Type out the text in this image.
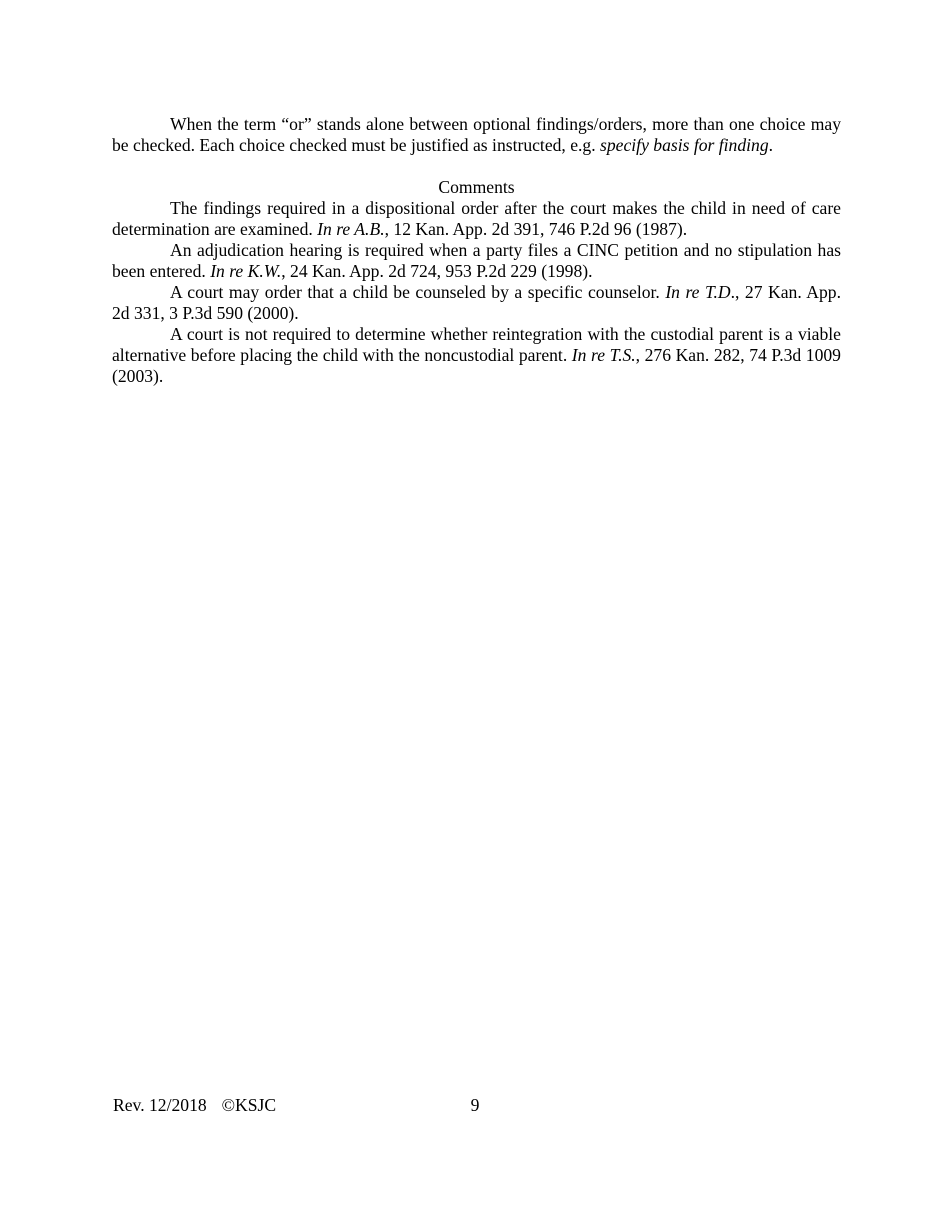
When the term “or” stands alone between optional findings/orders, more than one choice may be checked. Each choice checked must be justified as instructed, e.g. specify basis for finding.

Comments

The findings required in a dispositional order after the court makes the child in need of care determination are examined. In re A.B., 12 Kan. App. 2d 391, 746 P.2d 96 (1987).

An adjudication hearing is required when a party files a CINC petition and no stipulation has been entered. In re K.W., 24 Kan. App. 2d 724, 953 P.2d 229 (1998).

A court may order that a child be counseled by a specific counselor. In re T.D., 27 Kan. App. 2d 331, 3 P.3d 590 (2000).

A court is not required to determine whether reintegration with the custodial parent is a viable alternative before placing the child with the noncustodial parent. In re T.S., 276 Kan. 282, 74 P.3d 1009 (2003).

9
Rev. 12/2018 ©KSJC
